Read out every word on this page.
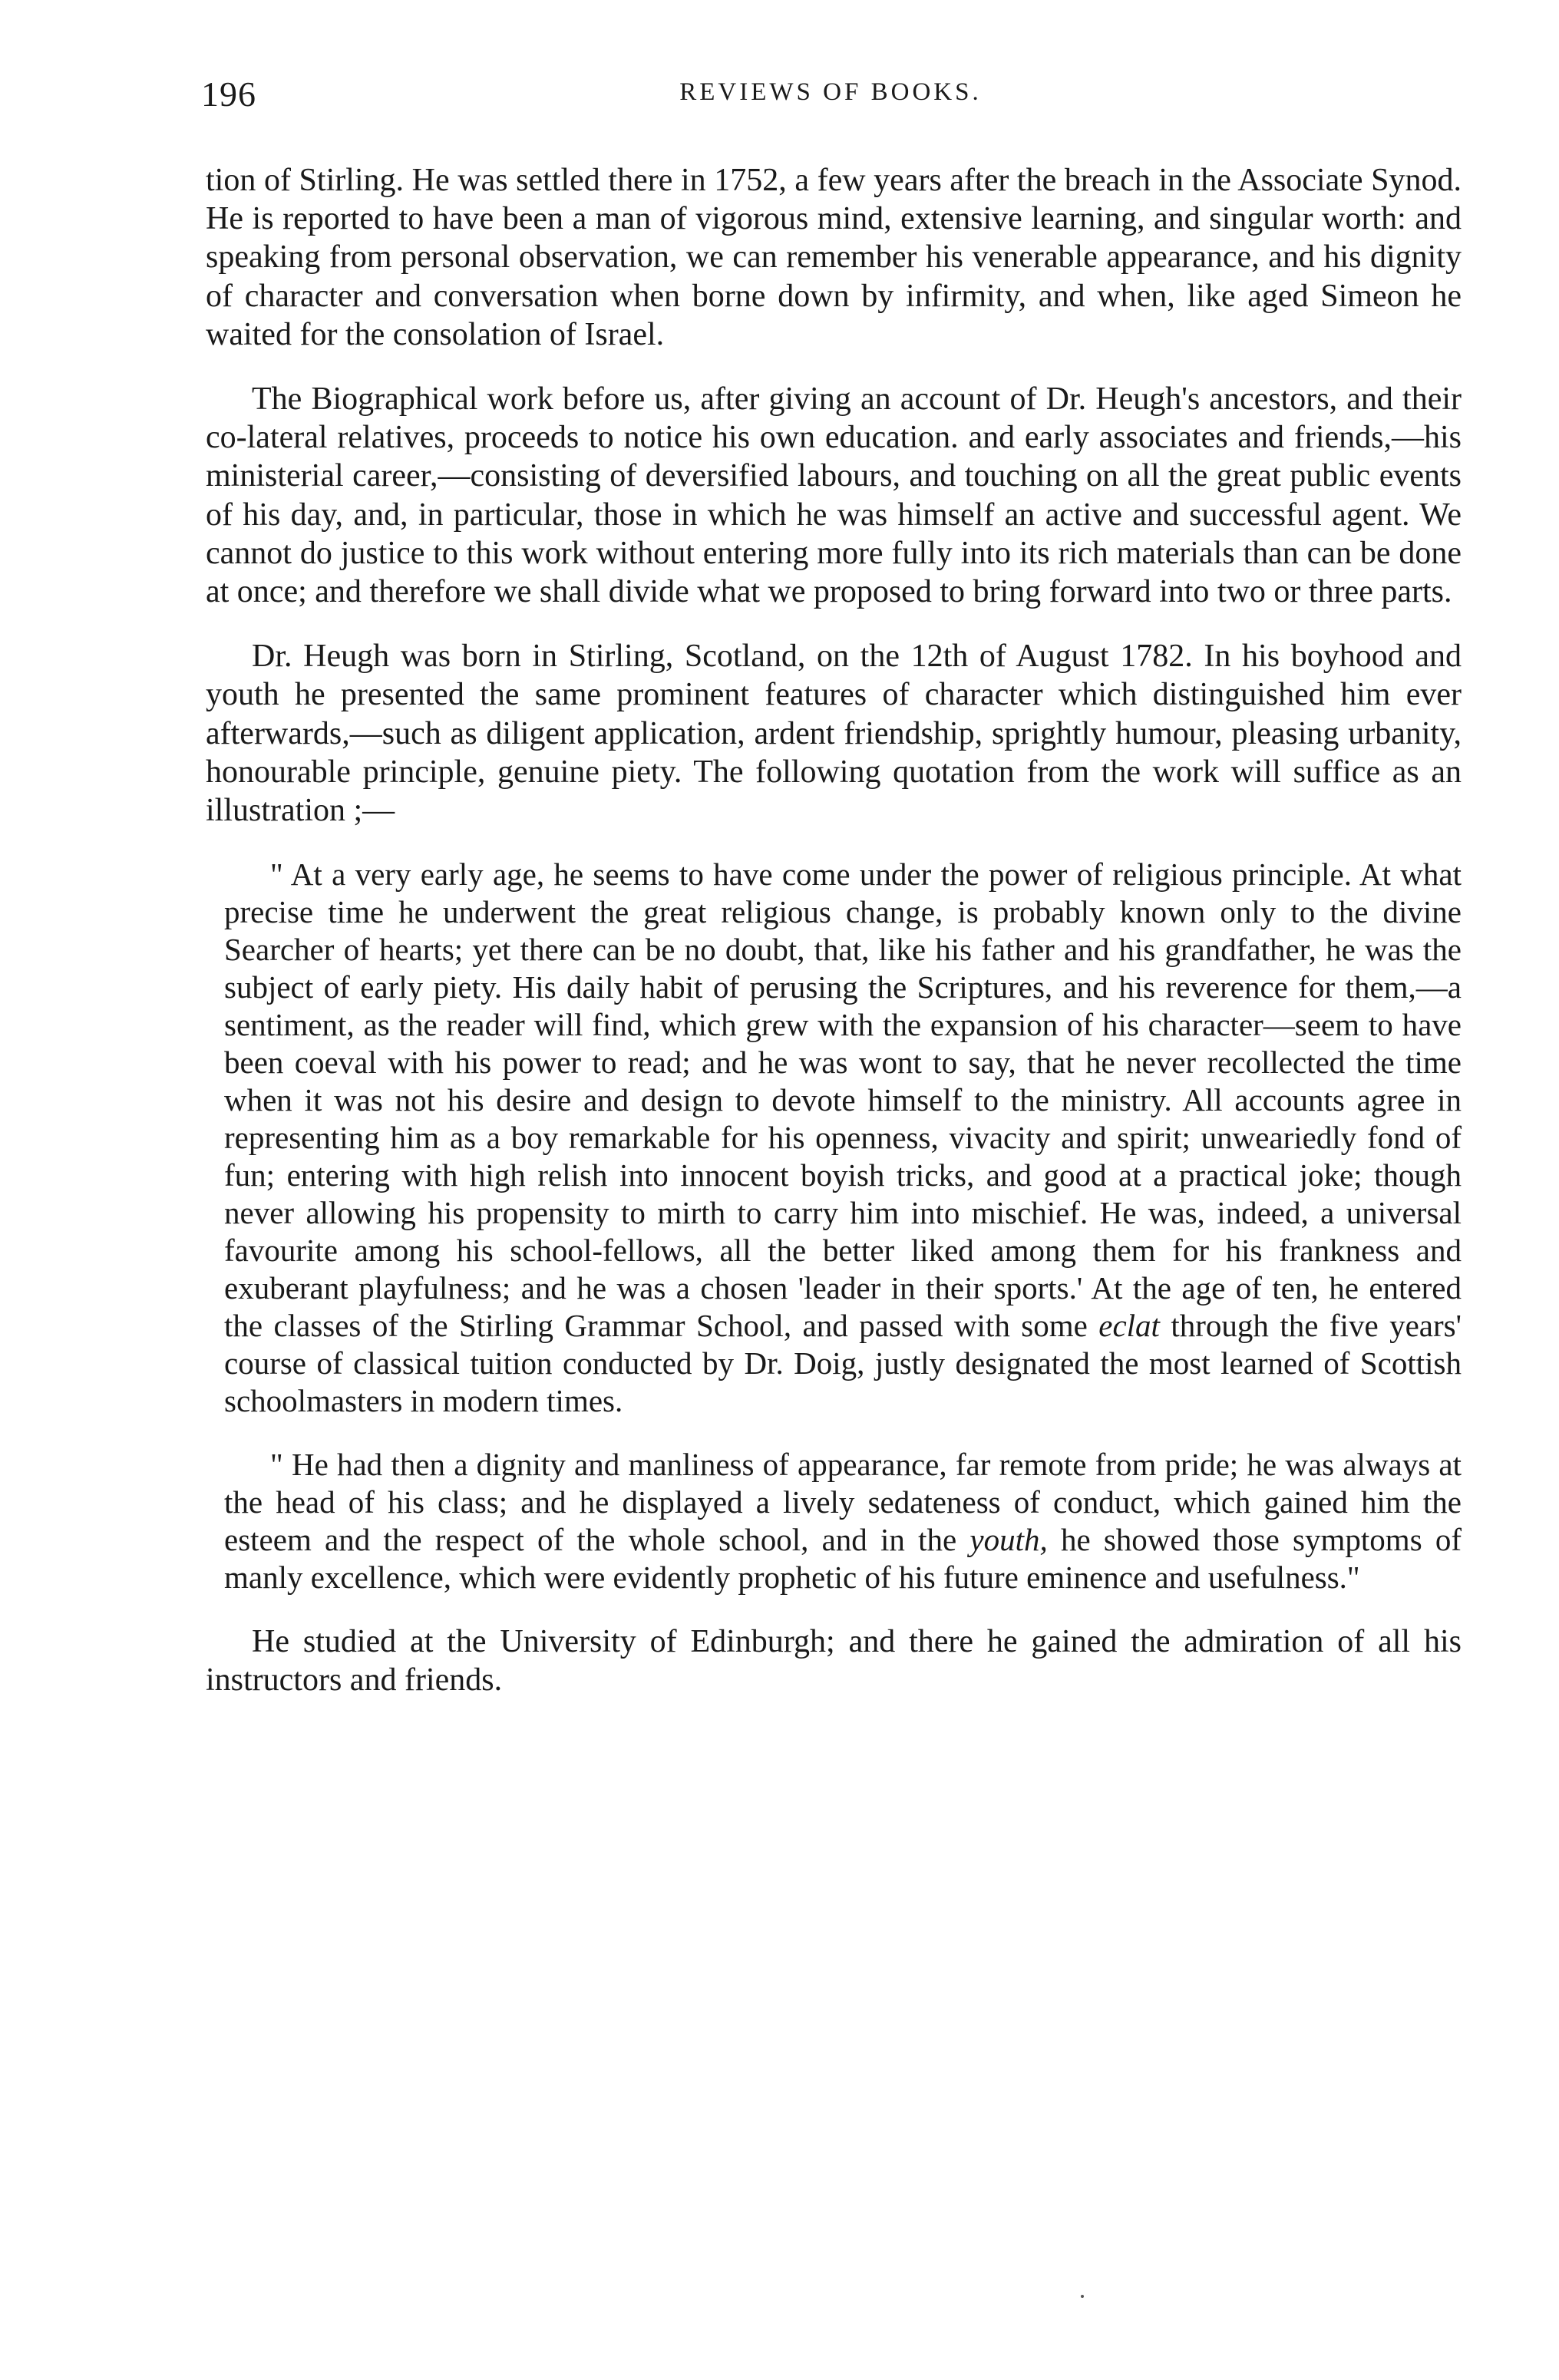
196	REVIEWS OF BOOKS.

tion of Stirling. He was settled there in 1752, a few years after the breach in the Associate Synod. He is reported to have been a man of vigorous mind, extensive learning, and singular worth: and speaking from personal observation, we can remember his venerable appearance, and his dignity of character and conversation when borne down by infirmity, and when, like aged Simeon he waited for the consolation of Israel.

The Biographical work before us, after giving an account of Dr. Heugh's ancestors, and their co-lateral relatives, proceeds to notice his own education. and early associates and friends,—his ministerial career,—consisting of deversified labours, and touching on all the great public events of his day, and, in particular, those in which he was himself an active and successful agent. We cannot do justice to this work without entering more fully into its rich materials than can be done at once; and therefore we shall divide what we proposed to bring forward into two or three parts.

Dr. Heugh was born in Stirling, Scotland, on the 12th of August 1782. In his boyhood and youth he presented the same prominent features of character which distinguished him ever afterwards,—such as diligent application, ardent friendship, sprightly humour, pleasing urbanity, honourable principle, genuine piety. The following quotation from the work will suffice as an illustration ;—

" At a very early age, he seems to have come under the power of religious principle. At what precise time he underwent the great religious change, is probably known only to the divine Searcher of hearts; yet there can be no doubt, that, like his father and his grandfather, he was the subject of early piety. His daily habit of perusing the Scriptures, and his reverence for them,—a sentiment, as the reader will find, which grew with the expansion of his character—seem to have been coeval with his power to read; and he was wont to say, that he never recollected the time when it was not his desire and design to devote himself to the ministry. All accounts agree in representing him as a boy remarkable for his openness, vivacity and spirit; unweariedly fond of fun; entering with high relish into innocent boyish tricks, and good at a practical joke; though never allowing his propensity to mirth to carry him into mischief. He was, indeed, a universal favourite among his school-fellows, all the better liked among them for his frankness and exuberant playfulness; and he was a chosen 'leader in their sports.' At the age of ten, he entered the classes of the Stirling Grammar School, and passed with some eclat through the five years' course of classical tuition conducted by Dr. Doig, justly designated the most learned of Scottish schoolmasters in modern times.

" He had then a dignity and manliness of appearance, far remote from pride; he was always at the head of his class; and he displayed a lively sedateness of conduct, which gained him the esteem and the respect of the whole school, and in the youth, he showed those symptoms of manly excellence, which were evidently prophetic of his future eminence and usefulness."

He studied at the University of Edinburgh; and there he gained the admiration of all his instructors and friends.
